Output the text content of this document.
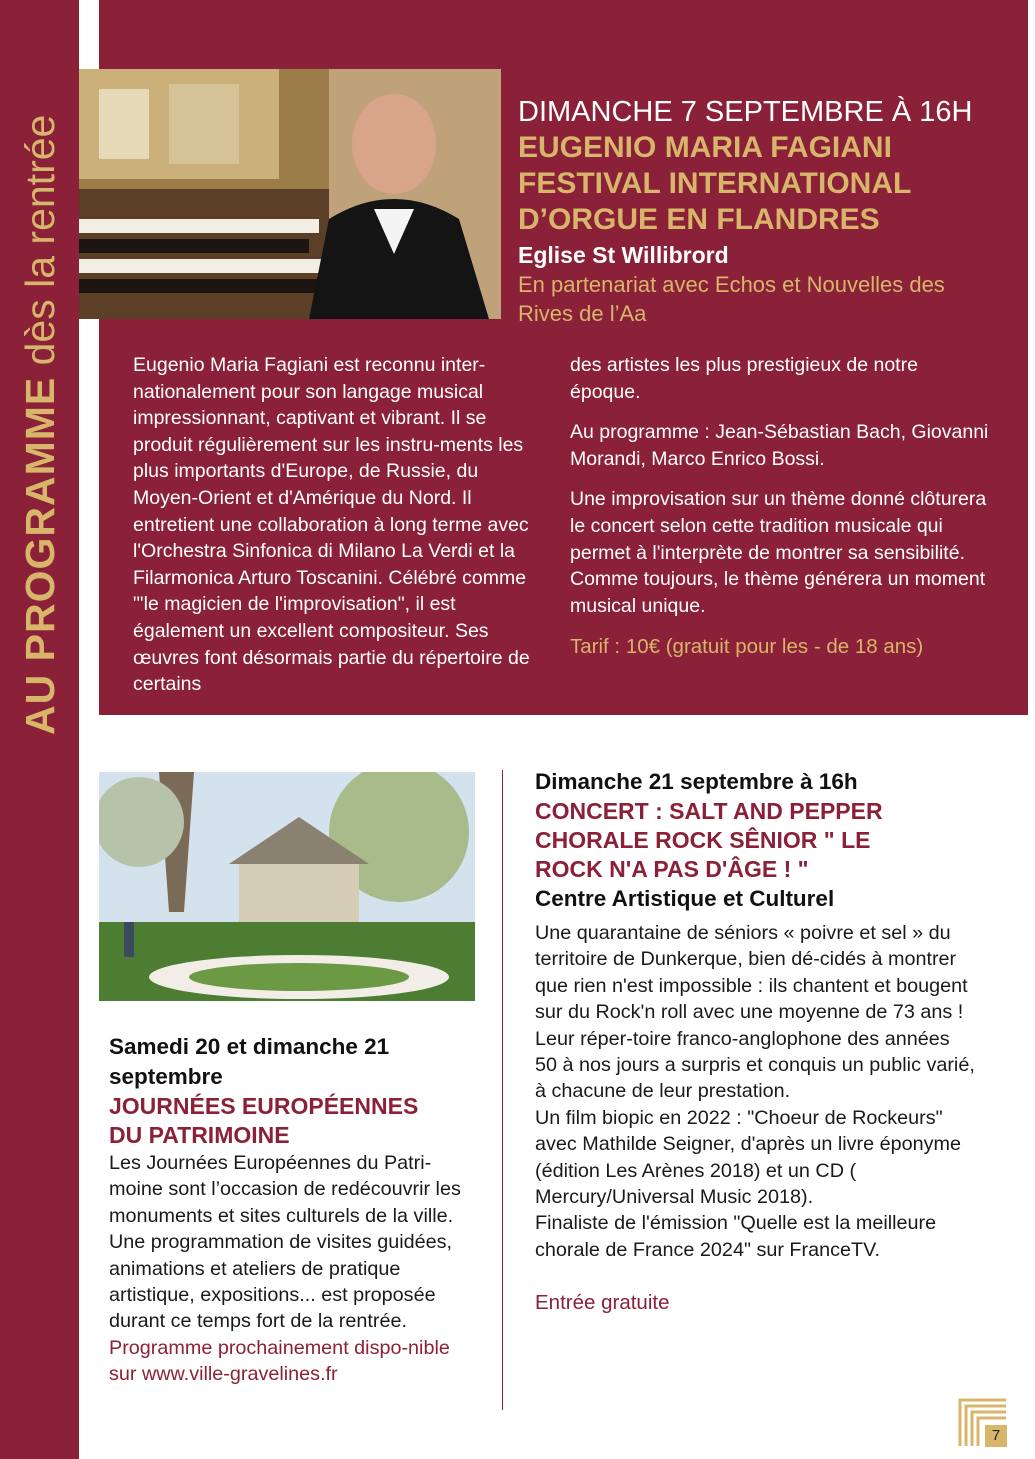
AU PROGRAMME dès la rentrée

DIMANCHE 7 SEPTEMBRE À 16H

EUGENIO MARIA FAGIANI

FESTIVAL INTERNATIONAL

D’ORGUE EN FLANDRES

Eglise St Willibrord

En partenariat avec Echos et Nouvelles des Rives de l’Aa

Eugenio Maria Fagiani est reconnu inter-nationalement pour son langage musical impressionnant, captivant et vibrant. Il se produit régulièrement sur les instru-ments les plus importants d'Europe, de Russie, du Moyen-Orient et d'Amérique du Nord. Il entretient une collaboration à long terme avec l'Orchestra Sinfonica di Milano La Verdi et la Filarmonica Arturo Toscanini. Célébré comme "'le magicien de l'improvisation", il est également un excellent compositeur. Ses œuvres font désormais partie du répertoire de certains

des artistes les plus prestigieux de notre époque.

Au programme : Jean-Sébastian Bach, Giovanni Morandi, Marco Enrico Bossi.

Une improvisation sur un thème donné clôturera le concert selon cette tradition musicale qui permet à l'interprète de montrer sa sensibilité. Comme toujours, le thème générera un moment musical unique.

Tarif : 10€ (gratuit pour les - de 18 ans)

Samedi 20 et dimanche 21

septembre

JOURNÉES EUROPÉENNES

DU PATRIMOINE

Les Journées Européennes du Patri-moine sont l’occasion de redécouvrir les monuments et sites culturels de la ville. Une programmation de visites guidées, animations et ateliers de pratique artistique, expositions... est proposée durant ce temps fort de la rentrée.

Programme prochainement dispo-nible sur www.ville-gravelines.fr

Dimanche 21 septembre à 16h

CONCERT : SALT AND PEPPER

CHORALE ROCK SÊNIOR " LE

ROCK N'A PAS D'ÂGE ! "

Centre Artistique et Culturel

Une quarantaine de séniors « poivre et sel » du territoire de Dunkerque, bien dé-cidés à montrer que rien n'est impossible : ils chantent et bougent sur du Rock'n roll avec une moyenne de 73 ans ! Leur réper-toire franco-anglophone des années 50 à nos jours a surpris et conquis un public varié, à chacune de leur prestation.

Un film biopic en 2022 : "Choeur de Rockeurs" avec Mathilde Seigner, d'après un livre éponyme (édition Les Arènes 2018) et un CD ( Mercury/Universal Music 2018).

Finaliste de l'émission "Quelle est la meilleure chorale de France 2024" sur FranceTV.

Entrée gratuite

7
